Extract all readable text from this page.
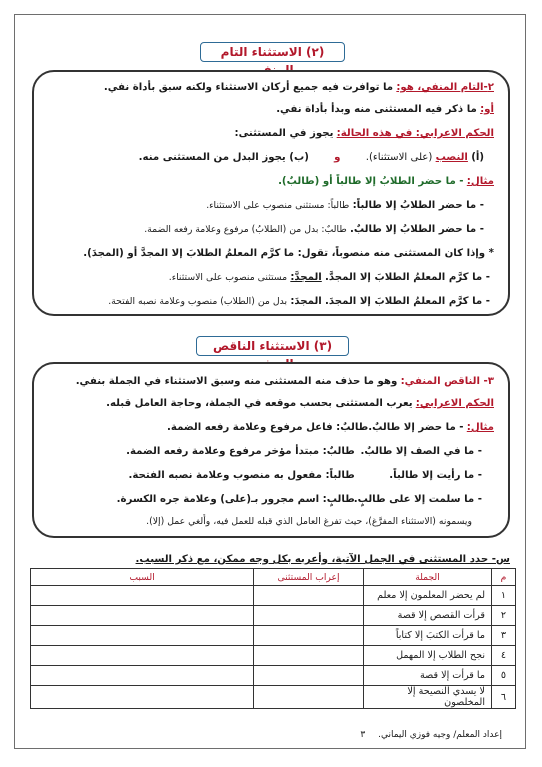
(٢) الاستثناء التام
٢-التام المنفي، هو: ما توافرت فيه جميع أركان الاستثناء ولكنه سبق بأداة نفي.
أو: ما ذكر فيه المستثنى منه وبدأ بأداة نفي.
الحكم الاعرابي: في هذه الحالة: يجوز في المستثنى:
(أ) النصب (على الاستثناء). و (ب) يجوز البدل من المستثنى منه.
مثال: - ما حضر الطلابُ إلا طالباً أو (طالبٌ).
- ما حضر الطلابُ إلا طالباً: طالباً: مستثنى منصوب على الاستثناء.
- ما حضر الطلابُ إلا طالبٌ. طالبٌ: بدل من (الطلابُ) مرفوع وعلامة رفعه الضمة.
* وإذا كان المستثنى منه منصوباً، تقول: ما كرَّم المعلمُ الطلابَ إلا المجدَّ أو (المجدَ).
- ما كرَّم المعلمُ الطلابَ إلا المجدَّ. المجدَّ: مستثنى منصوب على الاستثناء.
- ما كرَّم المعلمُ الطلابَ إلا المجدَ. المجدَ: بدل من (الطلاب) منصوب وعلامة نصبه الفتحة.
(٣) الاستثناء الناقص
٣- الناقص المنفي: وهو ما حذف منه المستثنى منه وسبق الاستثناء في الجملة بنفي.
الحكم الاعرابي: يعرب المستثنى بحسب موقعه في الجملة، وحاجة العامل قبله.
مثال: - ما حضر إلا طالبٌ. طالبٌ: فاعل مرفوع وعلامة رفعه الضمة.
- ما في الصف إلا طالبٌ. طالبٌ: مبتدأ مؤخر مرفوع وعلامة رفعه الضمة.
- ما رأيت إلا طالباً. طالباً: مفعول به منصوب وعلامة نصبه الفتحة.
- ما سلمت إلا على طالبٍ. طالبٍ: اسم مجرور بـ(على) وعلامة جره الكسرة.
ويسمونه (الاستثناء المفرَّغ)، حيث تفرغ العامل الذي قبله للعمل فيه، وأُلغي عمل (إلا).
س- حدد المستثنى في الجمل الآتية، وأعربه بكل وجه ممكن، مع ذكر السبب.
م	الجملة	إعراب المستثنى	السبب
١	لم يحضر المعلمون إلا معلم		
٢	قرأت القصص إلا قصة		
٣	ما قرأت الكتبَ إلا كتاباً		
٤	نجح الطلاب إلا المهمل		
٥	ما قرأت إلا قصة		
٦	لا يسدي النصيحة إلا المخلصون		
إعداد المعلم/ وجيه فوزي اليماني. ٣
